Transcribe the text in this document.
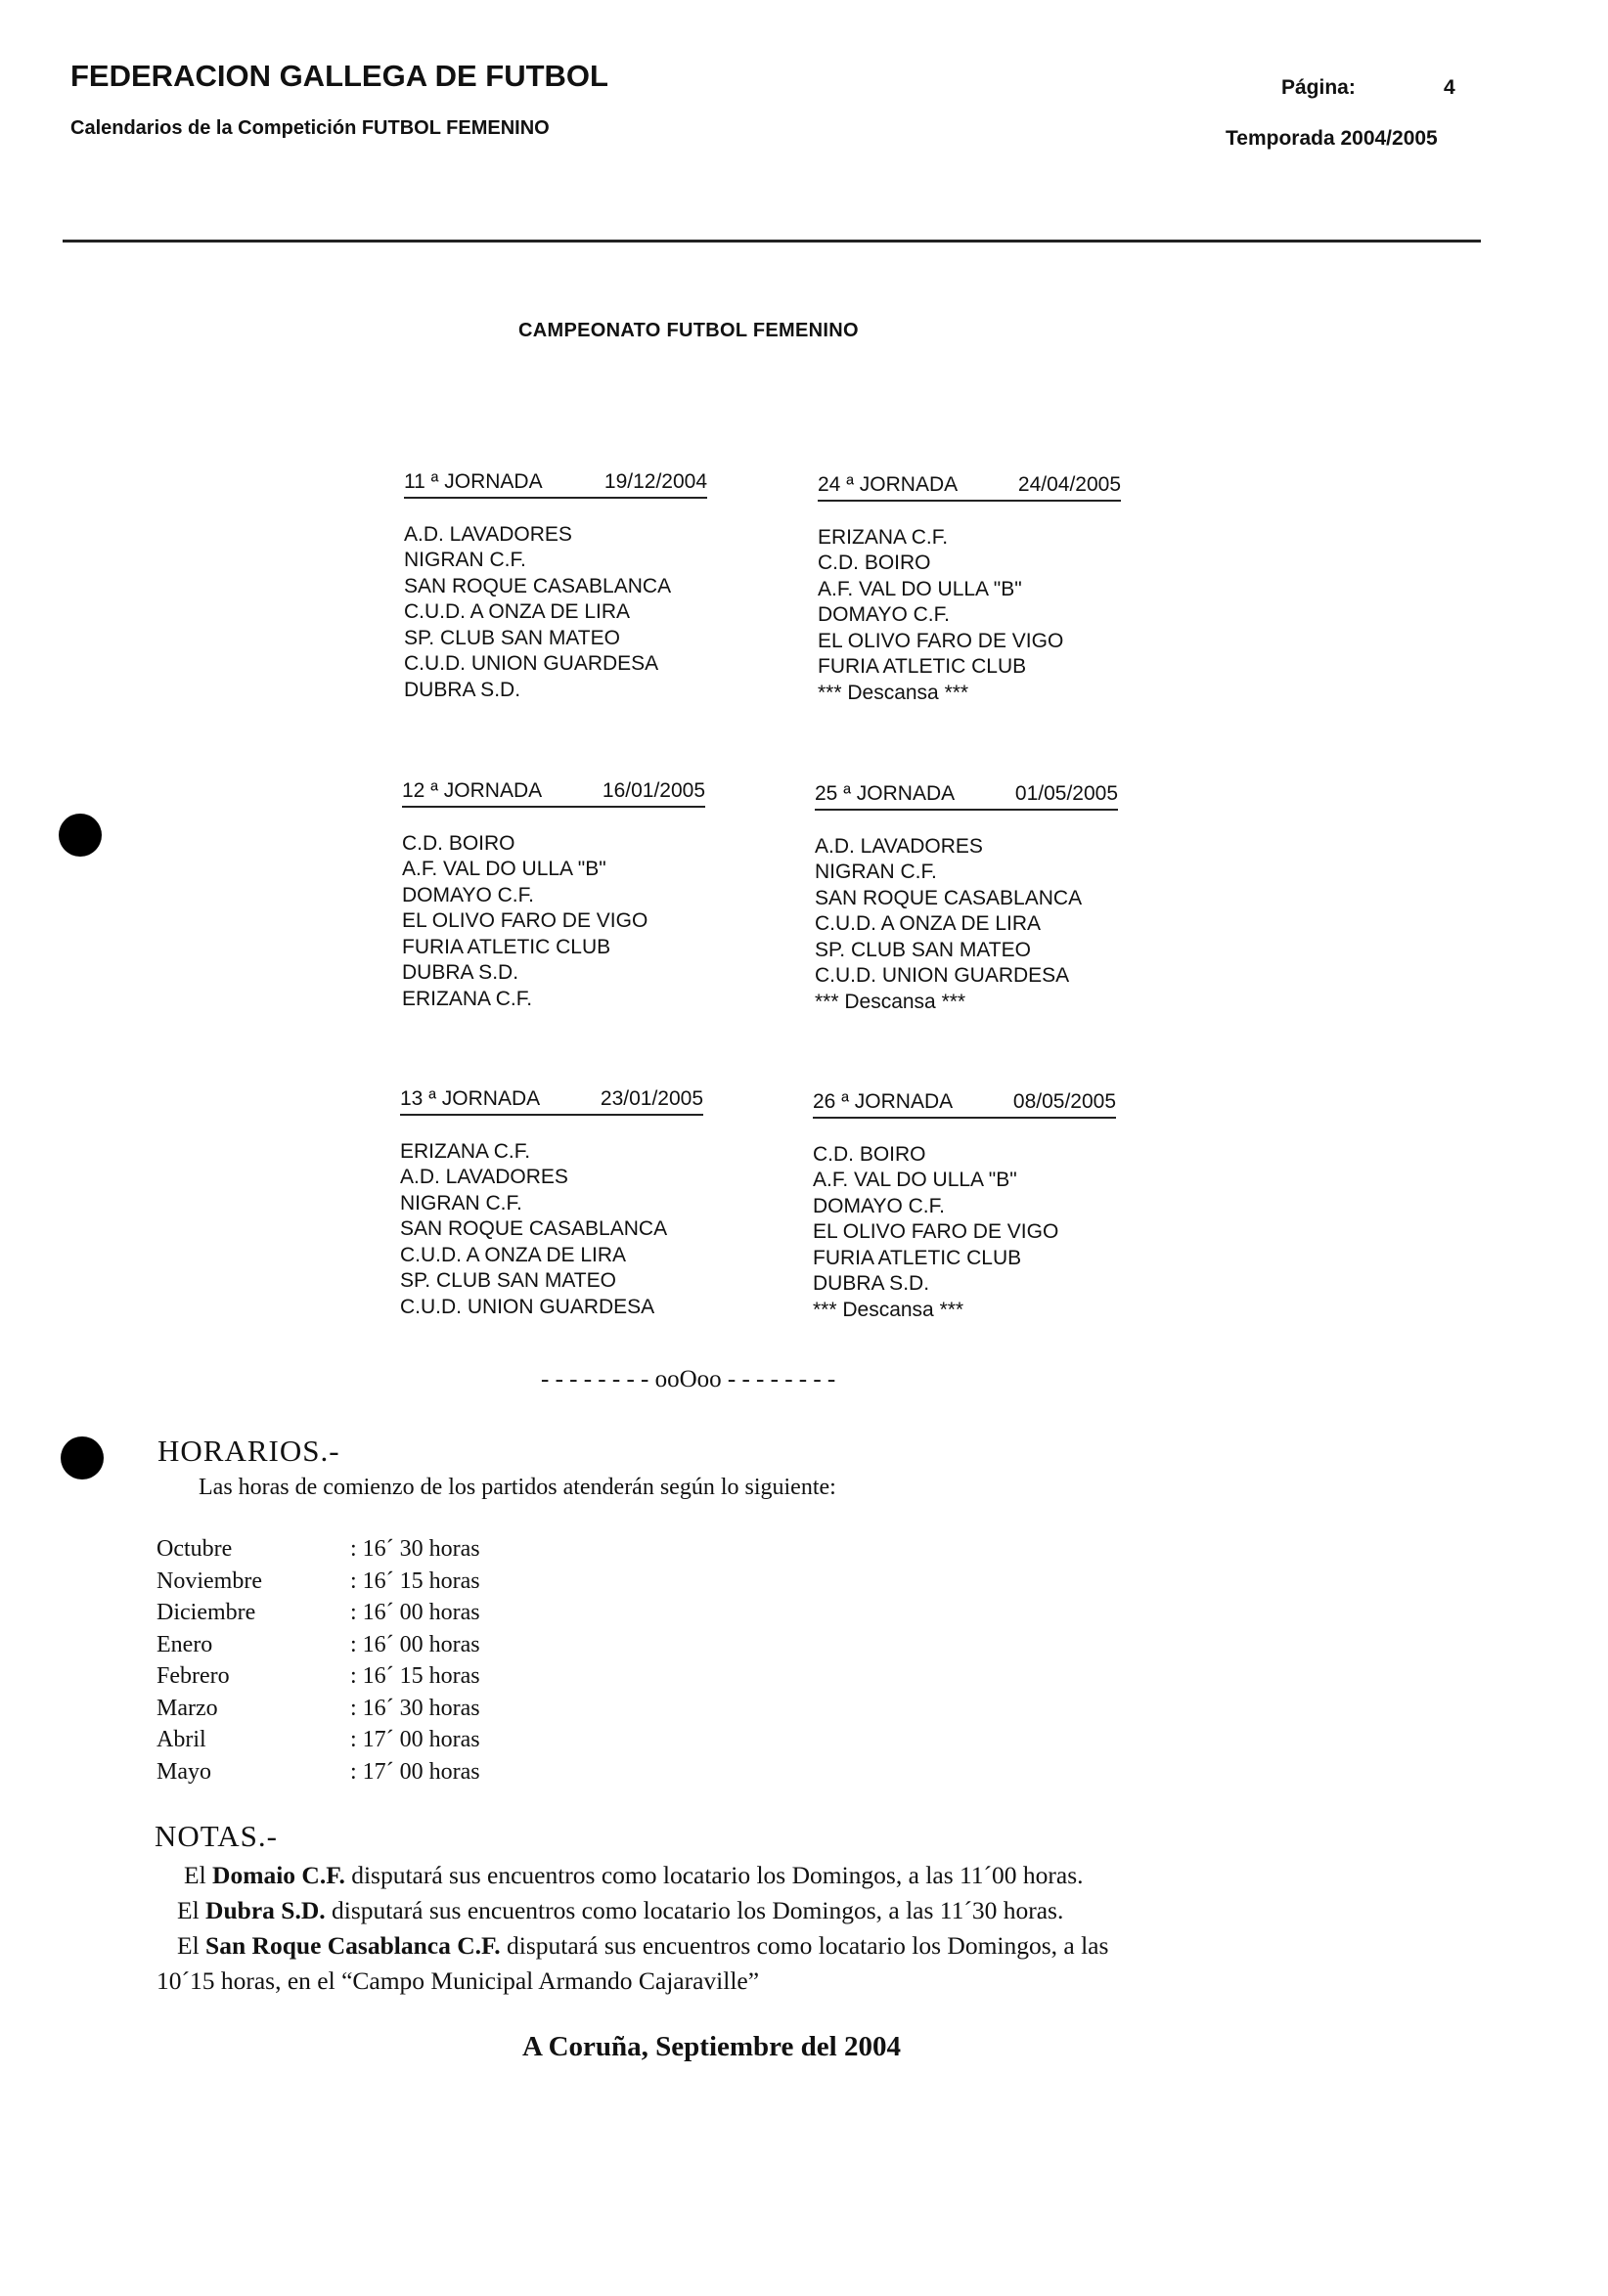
FEDERACION GALLEGA DE FUTBOL
Calendarios de la Competición FUTBOL FEMENINO
Página:	4
Temporada 2004/2005
CAMPEONATO FUTBOL FEMENINO
11 ª JORNADA	19/12/2004
A.D. LAVADORES
NIGRAN C.F.
SAN ROQUE CASABLANCA
C.U.D. A ONZA DE LIRA
SP. CLUB SAN MATEO
C.U.D. UNION GUARDESA
DUBRA S.D.
24 ª JORNADA	24/04/2005
ERIZANA C.F.
C.D. BOIRO
A.F. VAL DO ULLA "B"
DOMAYO C.F.
EL OLIVO FARO DE VIGO
FURIA ATLETIC CLUB
*** Descansa ***
12 ª JORNADA	16/01/2005
C.D. BOIRO
A.F. VAL DO ULLA "B"
DOMAYO C.F.
EL OLIVO FARO DE VIGO
FURIA ATLETIC CLUB
DUBRA S.D.
ERIZANA C.F.
25 ª JORNADA	01/05/2005
A.D. LAVADORES
NIGRAN C.F.
SAN ROQUE CASABLANCA
C.U.D. A ONZA DE LIRA
SP. CLUB SAN MATEO
C.U.D. UNION GUARDESA
*** Descansa ***
13 ª JORNADA	23/01/2005
ERIZANA C.F.
A.D. LAVADORES
NIGRAN C.F.
SAN ROQUE CASABLANCA
C.U.D. A ONZA DE LIRA
SP. CLUB SAN MATEO
C.U.D. UNION GUARDESA
26 ª JORNADA	08/05/2005
C.D. BOIRO
A.F. VAL DO ULLA "B"
DOMAYO C.F.
EL OLIVO FARO DE VIGO
FURIA ATLETIC CLUB
DUBRA S.D.
*** Descansa ***
- - - - - - - - ooOoo - - - - - - - -
HORARIOS.-
Las horas de comienzo de los partidos atenderán según lo siguiente:
Octubre	: 16´ 30 horas
Noviembre	: 16´ 15 horas
Diciembre	: 16´ 00 horas
Enero	: 16´ 00 horas
Febrero	: 16´ 15 horas
Marzo	: 16´ 30 horas
Abril	: 17´ 00 horas
Mayo	: 17´ 00 horas
NOTAS.-

El Domaio C.F. disputará sus encuentros como locatario los Domingos, a las 11´00 horas.

El Dubra S.D. disputará sus encuentros como locatario los Domingos, a las 11´30 horas.

El San Roque Casablanca C.F. disputará sus encuentros como locatario los Domingos, a las

10´15 horas, en el “Campo Municipal Armando Cajaraville”

A Coruña, Septiembre del 2004
